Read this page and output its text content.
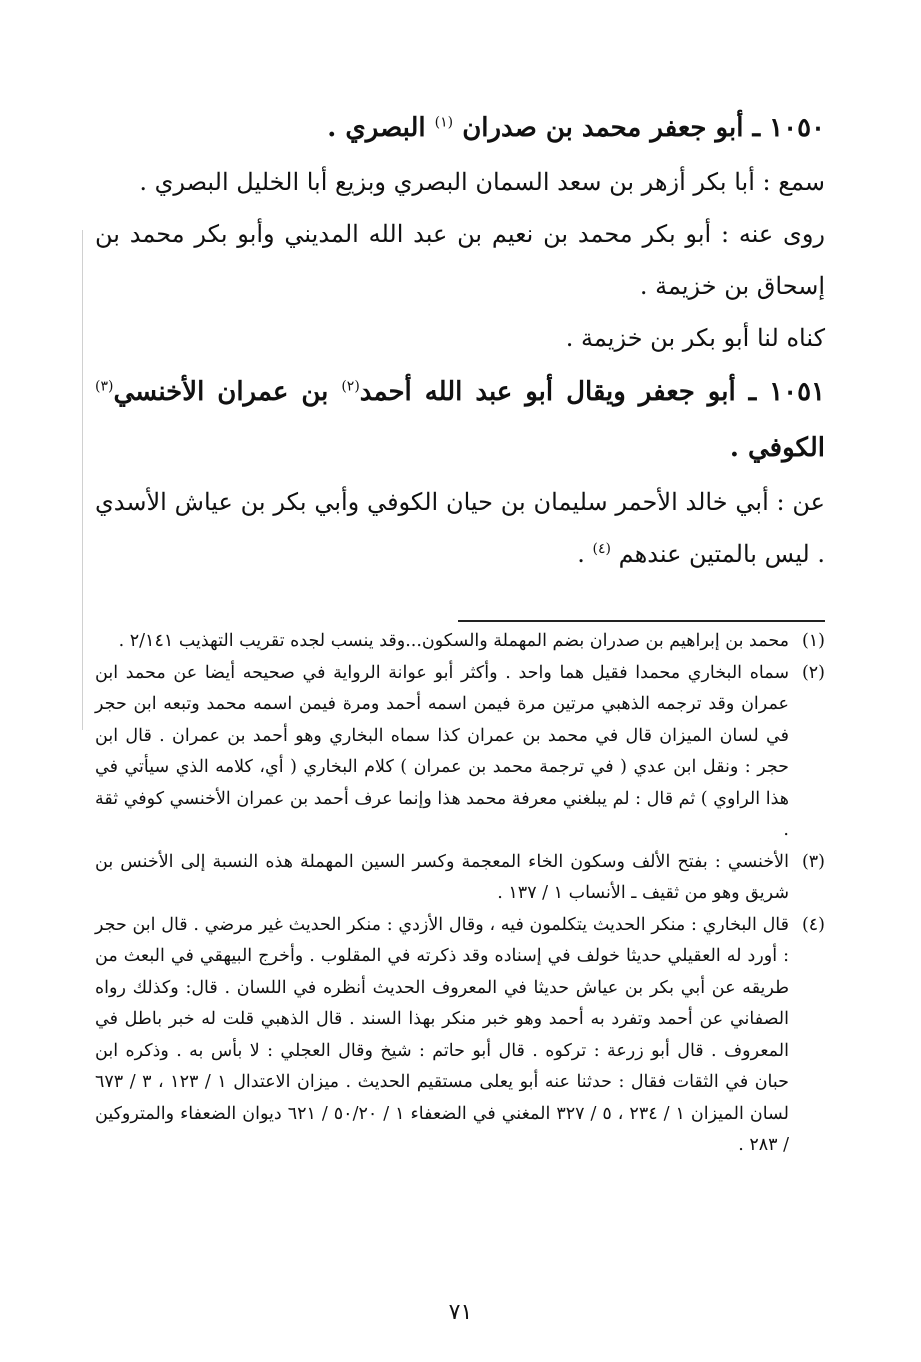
١٠٥٠ ـ أبو جعفر محمد بن صدران $^{(١)}$ البصري .

سمع : أبا بكر أزهر بن سعد السمان البصري وبزيع أبا الخليل البصري .

روى عنه : أبو بكر محمد بن نعيم بن عبد الله المديني وأبو بكر محمد بن إسحاق بن خزيمة .

كناه لنا أبو بكر بن خزيمة .

١٠٥١ ـ أبو جعفر ويقال أبو عبد الله أحمد$^{(٢)}$ بن عمران الأخنسي$^{(٣)}$ الكوفي .

عن : أبي خالد الأحمر سليمان بن حيان الكوفي وأبي بكر بن عياش الأسدي . ليس بالمتين عندهم $^{(٤)}$ .

(١)
محمد بن إبراهيم بن صدران بضم المهملة والسكون...وقد ينسب لجده تقريب التهذيب ٢/١٤١ .
(٢)
سماه البخاري محمدا فقيل هما واحد . وأكثر أبو عوانة الرواية في صحيحه أيضا عن محمد ابن عمران وقد ترجمه الذهبي مرتين مرة فيمن اسمه أحمد ومرة فيمن اسمه محمد وتبعه ابن حجر في لسان الميزان قال في محمد بن عمران كذا سماه البخاري وهو أحمد بن عمران . قال ابن حجر : ونقل ابن عدي ( في ترجمة محمد بن عمران ) كلام البخاري ( أي، كلامه الذي سيأتي في هذا الراوي ) ثم قال : لم يبلغني معرفة محمد هذا وإنما عرف أحمد بن عمران الأخنسي كوفي ثقة .
(٣)
الأخنسي : بفتح الألف وسكون الخاء المعجمة وكسر السين المهملة هذه النسبة إلى الأخنس بن شريق وهو من ثقيف ـ الأنساب ١ / ١٣٧ .
(٤)
قال البخاري : منكر الحديث يتكلمون فيه ، وقال الأزدي : منكر الحديث غير مرضي . قال ابن حجر : أورد له العقيلي حديثا خولف في إسناده وقد ذكرته في المقلوب . وأخرج البيهقي في البعث من طريقه عن أبي بكر بن عياش حديثا في المعروف الحديث أنظره في اللسان . قال: وكذلك رواه الصفاني عن أحمد وتفرد به أحمد وهو خبر منكر بهذا السند . قال الذهبي قلت له خبر باطل في المعروف . قال أبو زرعة : تركوه . قال أبو حاتم : شيخ وقال العجلي : لا بأس به . وذكره ابن حبان في الثقات فقال : حدثنا عنه أبو يعلى مستقيم الحديث . ميزان الاعتدال ١ / ١٢٣ ، ٣ / ٦٧٣ لسان الميزان ١ / ٢٣٤ ، ٥ / ٣٢٧ المغني في الضعفاء ١ / ٥٠/٢٠ / ٦٢١ ديوان الضعفاء والمتروكين / ٢٨٣ .
٧١
